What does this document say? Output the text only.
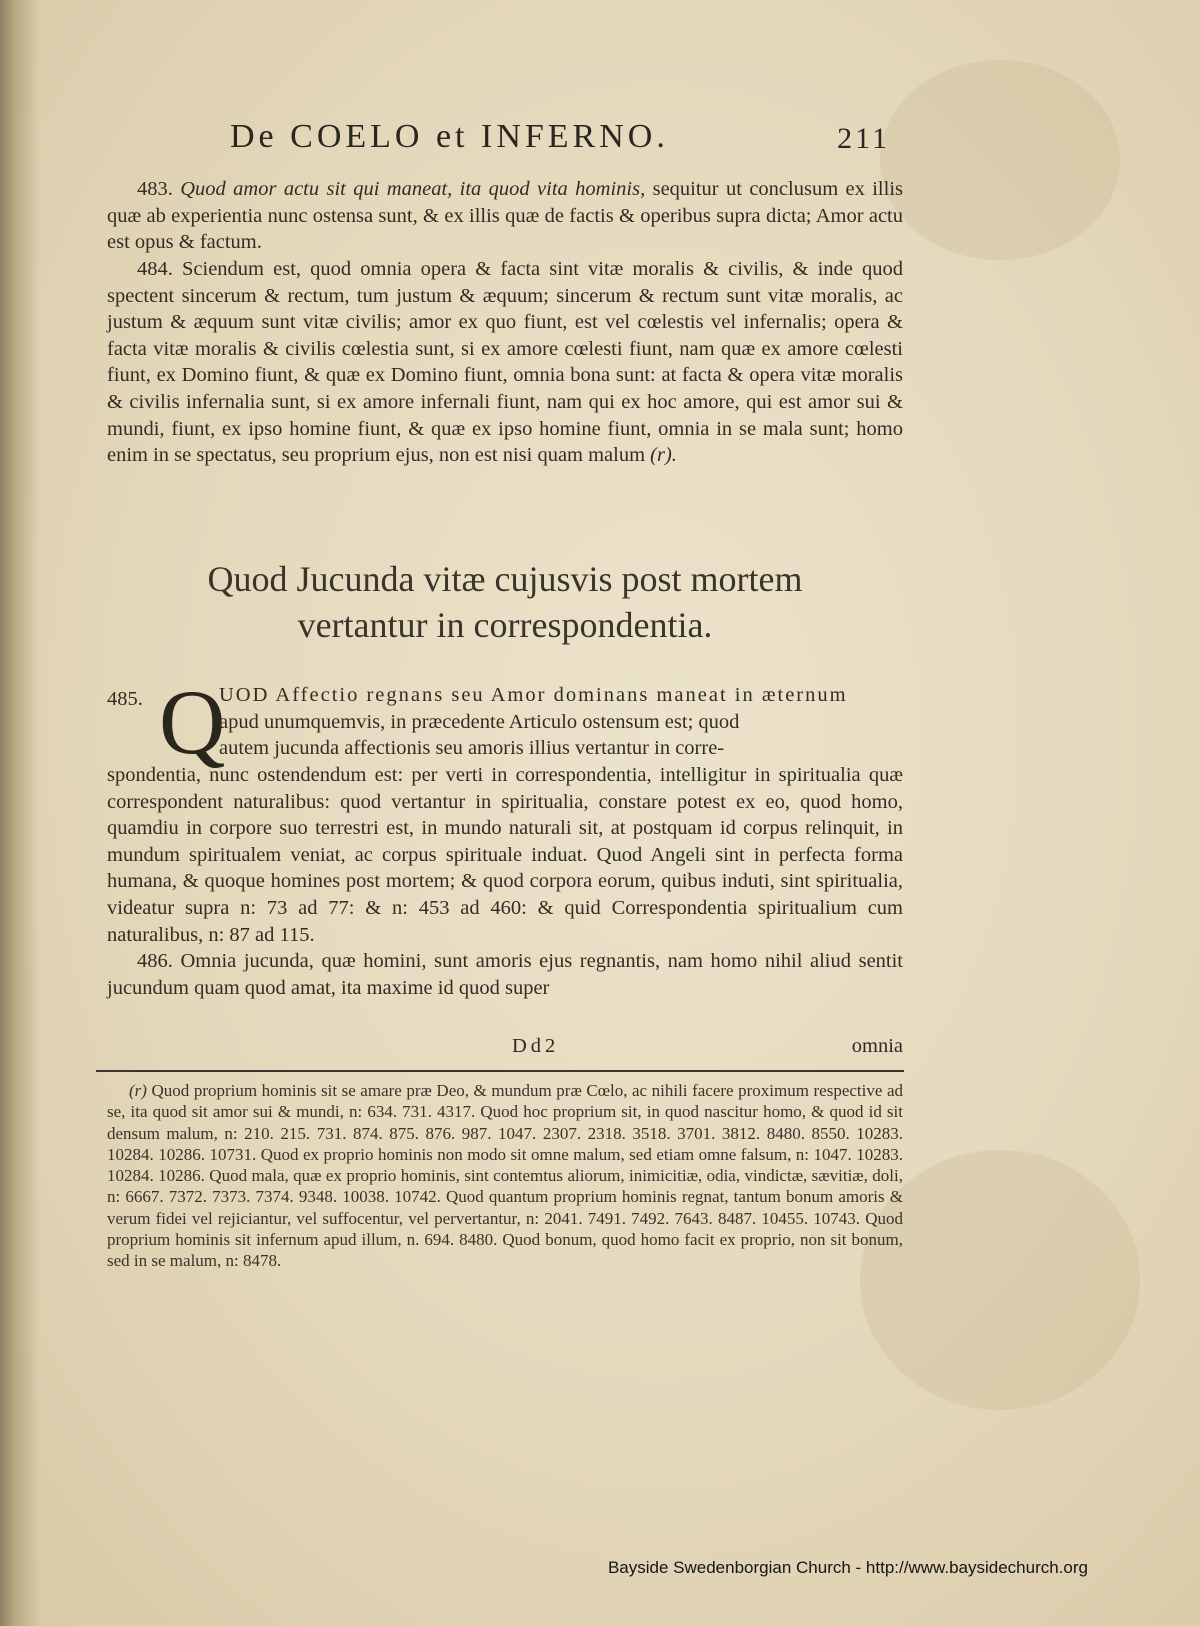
De COELO et INFERNO.	211

483. Quod amor actu sit qui maneat, ita quod vita hominis, sequitur ut conclusum ex illis quæ ab experientia nunc ostensa sunt, & ex illis quæ de factis & operibus supra dicta; Amor actu est opus & factum.

484. Sciendum est, quod omnia opera & facta sint vitæ moralis & civilis, & inde quod spectent sincerum & rectum, tum justum & æquum; sincerum & rectum sunt vitæ moralis, ac justum & æquum sunt vitæ civilis; amor ex quo fiunt, est vel cœlestis vel infernalis; opera & facta vitæ moralis & civilis cœlestia sunt, si ex amore cœlesti fiunt, nam quæ ex amore cœlesti fiunt, ex Domino fiunt, & quæ ex Domino fiunt, omnia bona sunt: at facta & opera vitæ moralis & civilis infernalia sunt, si ex amore infernali fiunt, nam qui ex hoc amore, qui est amor sui & mundi, fiunt, ex ipso homine fiunt, & quæ ex ipso homine fiunt, omnia in se mala sunt; homo enim in se spectatus, seu proprium ejus, non est nisi quam malum (r).

Quod Jucunda vitæ cujusvis post mortem
vertantur in correspondentia.
485. Q

UOD Affectio regnans seu Amor dominans maneat in æternum

apud unumquemvis, in præcedente Articulo ostensum est; quod

autem jucunda affectionis seu amoris illius vertantur in corre-

spondentia, nunc ostendendum est: per verti in correspondentia, intelligitur in spiritualia quæ correspondent naturalibus: quod vertantur in spiritualia, constare potest ex eo, quod homo, quamdiu in corpore suo terrestri est, in mundo naturali sit, at postquam id corpus relinquit, in mundum spiritualem veniat, ac corpus spirituale induat. Quod Angeli sint in perfecta forma humana, & quoque homines post mortem; & quod corpora eorum, quibus induti, sint spiritualia, videatur supra n: 73 ad 77: & n: 453 ad 460: & quid Correspondentia spiritualium cum naturalibus, n: 87 ad 115.

486. Omnia jucunda, quæ homini, sunt amoris ejus regnantis, nam homo nihil aliud sentit jucundum quam quod amat, ita maxime id quod super

Dd2	omnia

(r) Quod proprium hominis sit se amare præ Deo, & mundum præ Cœlo, ac nihili facere proximum respective ad se, ita quod sit amor sui & mundi, n: 634. 731. 4317. Quod hoc proprium sit, in quod nascitur homo, & quod id sit densum malum, n: 210. 215. 731. 874. 875. 876. 987. 1047. 2307. 2318. 3518. 3701. 3812. 8480. 8550. 10283. 10284. 10286. 10731. Quod ex proprio hominis non modo sit omne malum, sed etiam omne falsum, n: 1047. 10283. 10284. 10286. Quod mala, quæ ex proprio hominis, sint contemtus aliorum, inimicitiæ, odia, vindictæ, sævitiæ, doli, n: 6667. 7372. 7373. 7374. 9348. 10038. 10742. Quod quantum proprium hominis regnat, tantum bonum amoris & verum fidei vel rejiciantur, vel suffocentur, vel pervertantur, n: 2041. 7491. 7492. 7643. 8487. 10455. 10743. Quod proprium hominis sit infernum apud illum, n. 694. 8480. Quod bonum, quod homo facit ex proprio, non sit bonum, sed in se malum, n: 8478.

Bayside Swedenborgian Church - http://www.baysidechurch.org
